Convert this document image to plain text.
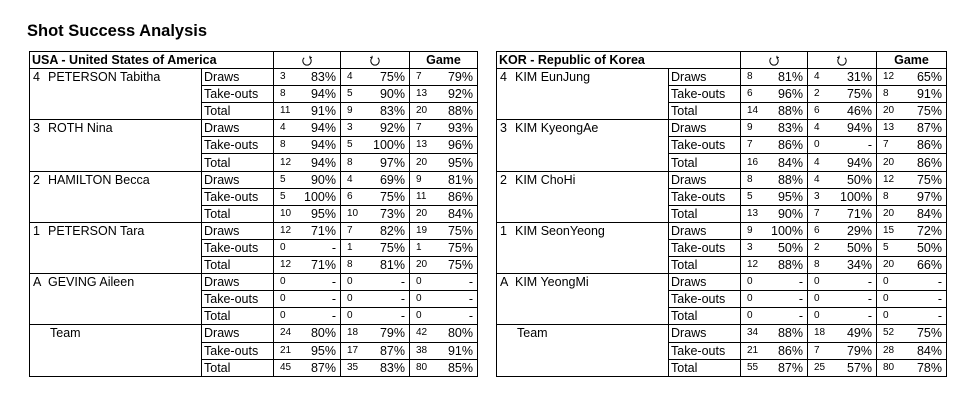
Shot Success Analysis
USA - United States of America						Game	
4 PETERSON Tabitha	Draws	3	83%	4	75%	7	79%
	Take-outs	8	94%	5	90%	13	92%
	Total	11	91%	9	83%	20	88%
3 ROTH Nina	Draws	4	94%	3	92%	7	93%
	Take-outs	8	94%	5	100%	13	96%
	Total	12	94%	8	97%	20	95%
2 HAMILTON Becca	Draws	5	90%	4	69%	9	81%
	Take-outs	5	100%	6	75%	11	86%
	Total	10	95%	10	73%	20	84%
1 PETERSON Tara	Draws	12	71%	7	82%	19	75%
	Take-outs	0	-	1	75%	1	75%
	Total	12	71%	8	81%	20	75%
A GEVING Aileen	Draws	0	-	0	-	0	-
	Take-outs	0	-	0	-	0	-
	Total	0	-	0	-	0	-
Team	Draws	24	80%	18	79%	42	80%
	Take-outs	21	95%	17	87%	38	91%
	Total	45	87%	35	83%	80	85%
KOR - Republic of Korea						Game	
4 KIM EunJung	Draws	8	81%	4	31%	12	65%
	Take-outs	6	96%	2	75%	8	91%
	Total	14	88%	6	46%	20	75%
3 KIM KyeongAe	Draws	9	83%	4	94%	13	87%
	Take-outs	7	86%	0	-	7	86%
	Total	16	84%	4	94%	20	86%
2 KIM ChoHi	Draws	8	88%	4	50%	12	75%
	Take-outs	5	95%	3	100%	8	97%
	Total	13	90%	7	71%	20	84%
1 KIM SeonYeong	Draws	9	100%	6	29%	15	72%
	Take-outs	3	50%	2	50%	5	50%
	Total	12	88%	8	34%	20	66%
A KIM YeongMi	Draws	0	-	0	-	0	-
	Take-outs	0	-	0	-	0	-
	Total	0	-	0	-	0	-
Team	Draws	34	88%	18	49%	52	75%
	Take-outs	21	86%	7	79%	28	84%
	Total	55	87%	25	57%	80	78%
